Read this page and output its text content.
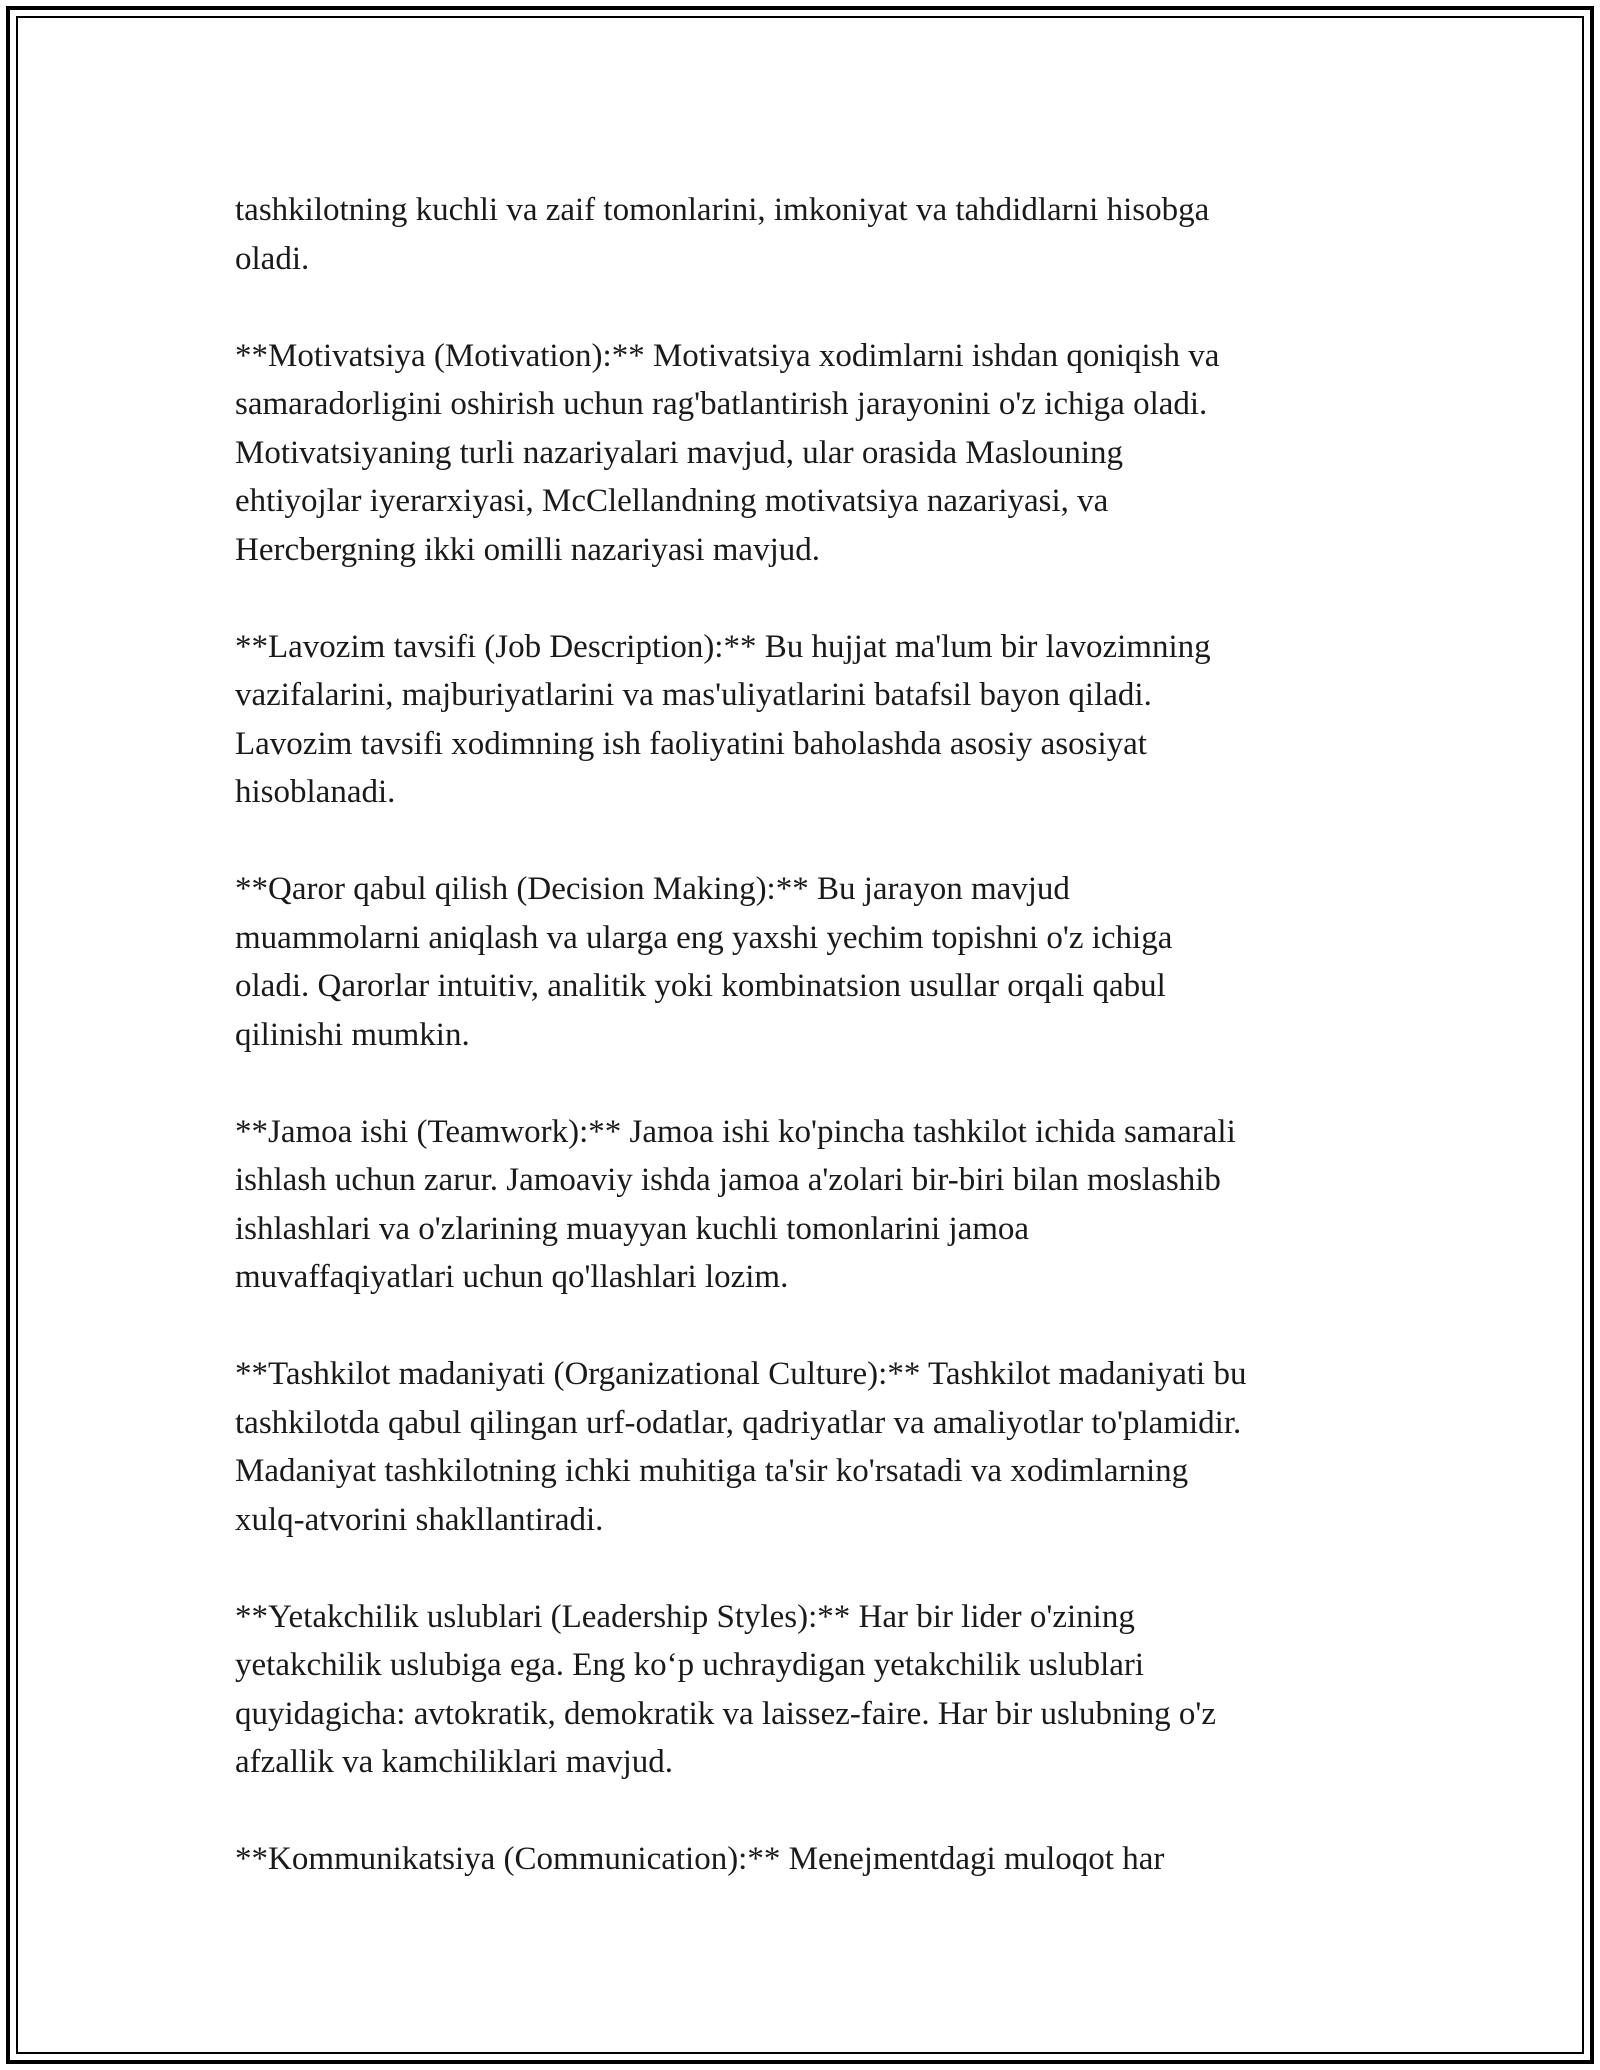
tashkilotning kuchli va zaif tomonlarini, imkoniyat va tahdidlarni hisobga
oladi.

**Motivatsiya (Motivation):** Motivatsiya xodimlarni ishdan qoniqish va
samaradorligini oshirish uchun rag'batlantirish jarayonini o'z ichiga oladi.
Motivatsiyaning turli nazariyalari mavjud, ular orasida Maslouning
ehtiyojlar iyerarxiyasi, McClellandning motivatsiya nazariyasi, va
Hercbergning ikki omilli nazariyasi mavjud.

**Lavozim tavsifi (Job Description):** Bu hujjat ma'lum bir lavozimning
vazifalarini, majburiyatlarini va mas'uliyatlarini batafsil bayon qiladi.
Lavozim tavsifi xodimning ish faoliyatini baholashda asosiy asosiyat
hisoblanadi.

**Qaror qabul qilish (Decision Making):** Bu jarayon mavjud
muammolarni aniqlash va ularga eng yaxshi yechim topishni o'z ichiga
oladi. Qarorlar intuitiv, analitik yoki kombinatsion usullar orqali qabul
qilinishi mumkin.

**Jamoa ishi (Teamwork):** Jamoa ishi ko'pincha tashkilot ichida samarali
ishlash uchun zarur. Jamoaviy ishda jamoa a'zolari bir-biri bilan moslashib
ishlashlari va o'zlarining muayyan kuchli tomonlarini jamoa
muvaffaqiyatlari uchun qo'llashlari lozim.

**Tashkilot madaniyati (Organizational Culture):** Tashkilot madaniyati bu
tashkilotda qabul qilingan urf-odatlar, qadriyatlar va amaliyotlar to'plamidir.
Madaniyat tashkilotning ichki muhitiga ta'sir ko'rsatadi va xodimlarning
xulq-atvorini shakllantiradi.

**Yetakchilik uslublari (Leadership Styles):** Har bir lider o'zining
yetakchilik uslubiga ega. Eng ko‘p uchraydigan yetakchilik uslublari
quyidagicha: avtokratik, demokratik va laissez-faire. Har bir uslubning o'z
afzallik va kamchiliklari mavjud.

**Kommunikatsiya (Communication):** Menejmentdagi muloqot har
